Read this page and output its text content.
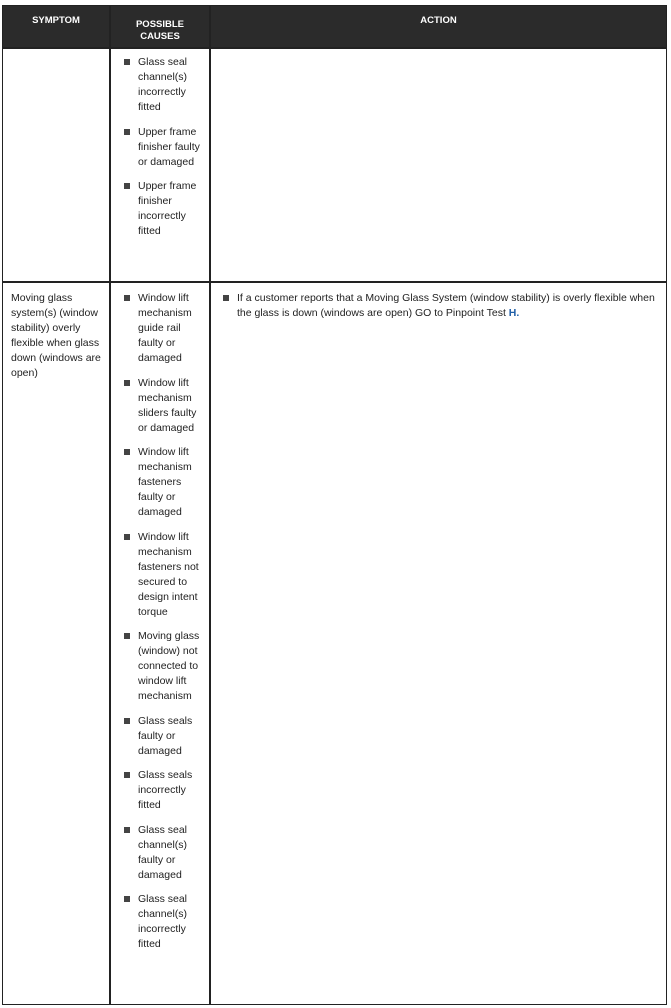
SYMPTOM	POSSIBLE
CAUSES
ACTION
Glass seal channel(s) incorrectly fitted
Upper frame finisher faulty or damaged
Upper frame finisher incorrectly fitted
Moving glass system(s) (window stability) overly flexible when glass down (windows are open)
Window lift mechanism guide rail faulty or damaged
Window lift mechanism sliders faulty or damaged
Window lift mechanism fasteners faulty or damaged
Window lift mechanism fasteners not secured to design intent torque
Moving glass (window) not connected to window lift mechanism
Glass seals faulty or damaged
Glass seals incorrectly fitted
Glass seal channel(s) faulty or damaged
Glass seal channel(s) incorrectly fitted
If a customer reports that a Moving Glass System (window stability) is overly flexible when the glass is down (windows are open) GO to Pinpoint Test H.
